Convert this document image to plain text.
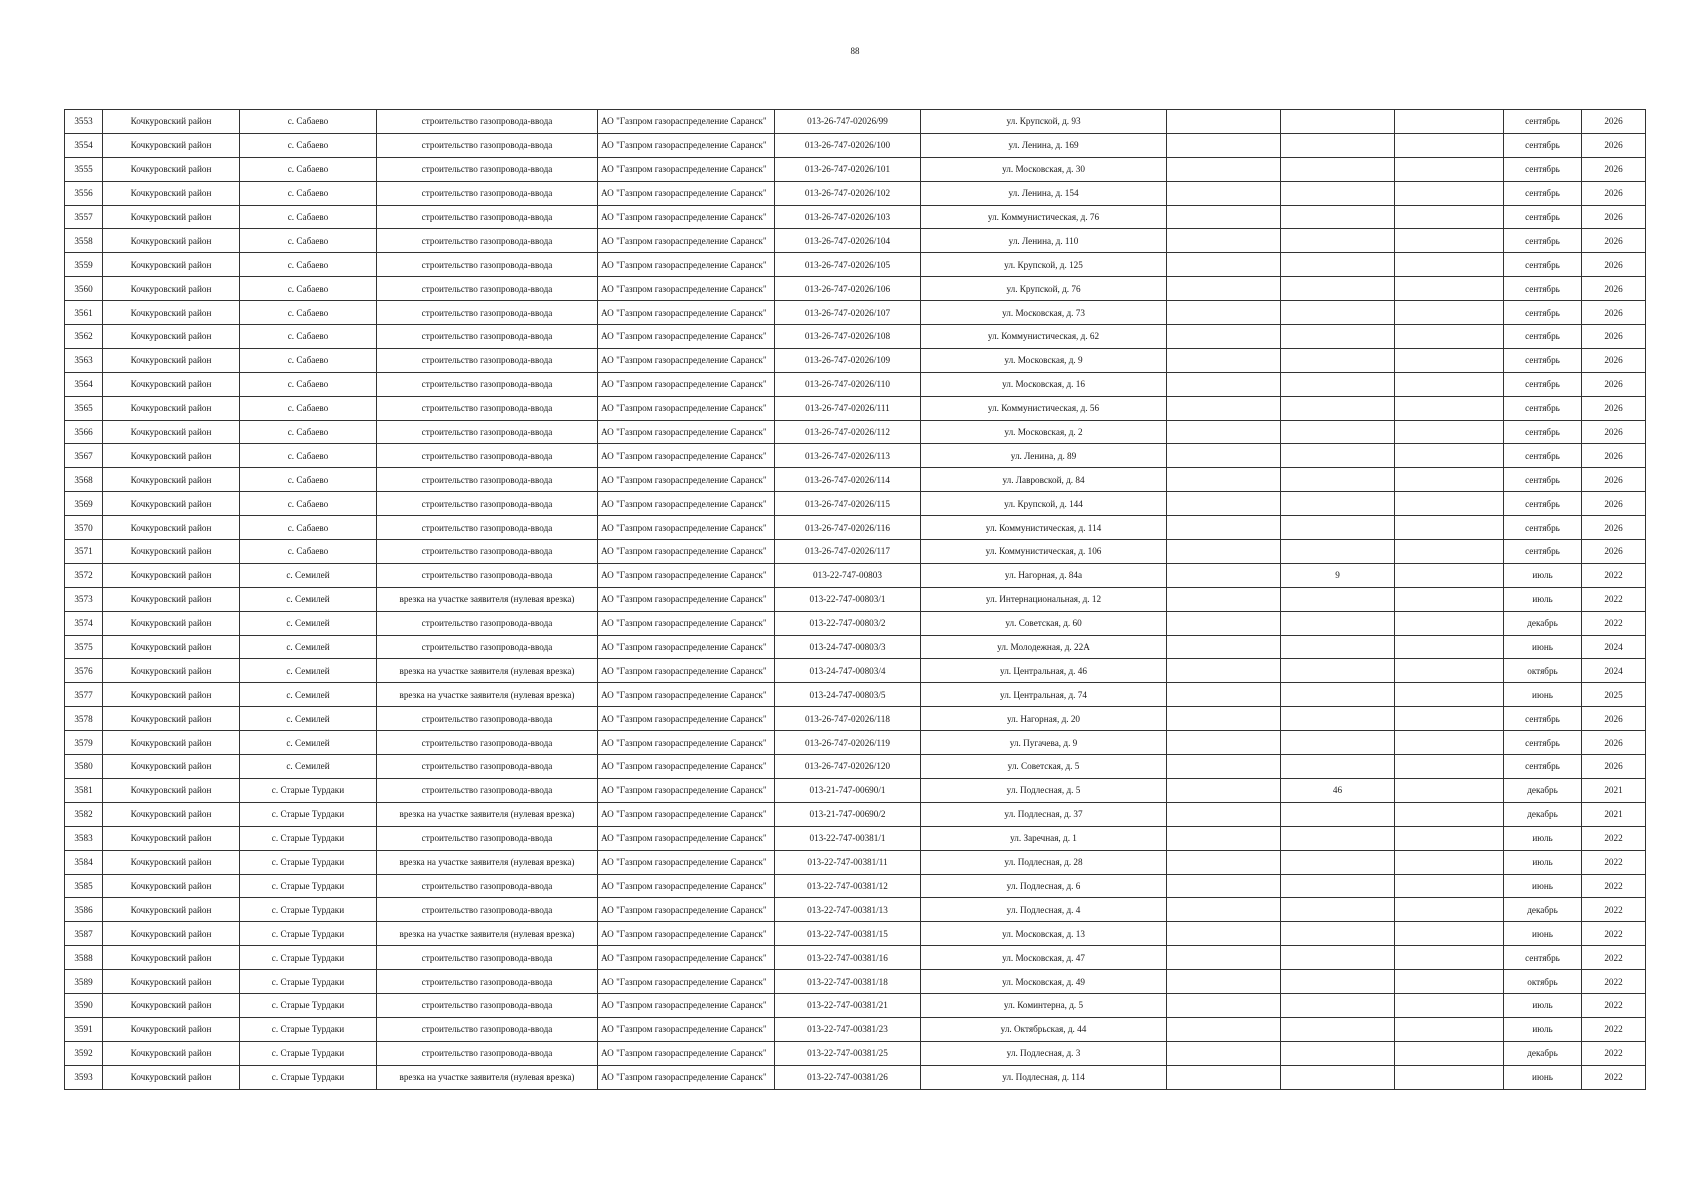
88
3553	Кочкуровский район	с. Сабаево	строительство газопровода-ввода	АО "Газпром газораспределение Саранск"	013-26-747-02026/99	ул. Крупской, д. 93				сентябрь	2026
3554	Кочкуровский район	с. Сабаево	строительство газопровода-ввода	АО "Газпром газораспределение Саранск"	013-26-747-02026/100	ул. Ленина, д. 169				сентябрь	2026
3555	Кочкуровский район	с. Сабаево	строительство газопровода-ввода	АО "Газпром газораспределение Саранск"	013-26-747-02026/101	ул. Московская, д. 30				сентябрь	2026
3556	Кочкуровский район	с. Сабаево	строительство газопровода-ввода	АО "Газпром газораспределение Саранск"	013-26-747-02026/102	ул. Ленина, д. 154				сентябрь	2026
3557	Кочкуровский район	с. Сабаево	строительство газопровода-ввода	АО "Газпром газораспределение Саранск"	013-26-747-02026/103	ул. Коммунистическая, д. 76				сентябрь	2026
3558	Кочкуровский район	с. Сабаево	строительство газопровода-ввода	АО "Газпром газораспределение Саранск"	013-26-747-02026/104	ул. Ленина, д. 110				сентябрь	2026
3559	Кочкуровский район	с. Сабаево	строительство газопровода-ввода	АО "Газпром газораспределение Саранск"	013-26-747-02026/105	ул. Крупской, д. 125				сентябрь	2026
3560	Кочкуровский район	с. Сабаево	строительство газопровода-ввода	АО "Газпром газораспределение Саранск"	013-26-747-02026/106	ул. Крупской, д. 76				сентябрь	2026
3561	Кочкуровский район	с. Сабаево	строительство газопровода-ввода	АО "Газпром газораспределение Саранск"	013-26-747-02026/107	ул. Московская, д. 73				сентябрь	2026
3562	Кочкуровский район	с. Сабаево	строительство газопровода-ввода	АО "Газпром газораспределение Саранск"	013-26-747-02026/108	ул. Коммунистическая, д. 62				сентябрь	2026
3563	Кочкуровский район	с. Сабаево	строительство газопровода-ввода	АО "Газпром газораспределение Саранск"	013-26-747-02026/109	ул. Московская, д. 9				сентябрь	2026
3564	Кочкуровский район	с. Сабаево	строительство газопровода-ввода	АО "Газпром газораспределение Саранск"	013-26-747-02026/110	ул. Московская, д. 16				сентябрь	2026
3565	Кочкуровский район	с. Сабаево	строительство газопровода-ввода	АО "Газпром газораспределение Саранск"	013-26-747-02026/111	ул. Коммунистическая, д. 56				сентябрь	2026
3566	Кочкуровский район	с. Сабаево	строительство газопровода-ввода	АО "Газпром газораспределение Саранск"	013-26-747-02026/112	ул. Московская, д. 2				сентябрь	2026
3567	Кочкуровский район	с. Сабаево	строительство газопровода-ввода	АО "Газпром газораспределение Саранск"	013-26-747-02026/113	ул. Ленина, д. 89				сентябрь	2026
3568	Кочкуровский район	с. Сабаево	строительство газопровода-ввода	АО "Газпром газораспределение Саранск"	013-26-747-02026/114	ул. Лавровской, д. 84				сентябрь	2026
3569	Кочкуровский район	с. Сабаево	строительство газопровода-ввода	АО "Газпром газораспределение Саранск"	013-26-747-02026/115	ул. Крупской, д. 144				сентябрь	2026
3570	Кочкуровский район	с. Сабаево	строительство газопровода-ввода	АО "Газпром газораспределение Саранск"	013-26-747-02026/116	ул. Коммунистическая, д. 114				сентябрь	2026
3571	Кочкуровский район	с. Сабаево	строительство газопровода-ввода	АО "Газпром газораспределение Саранск"	013-26-747-02026/117	ул. Коммунистическая, д. 106				сентябрь	2026
3572	Кочкуровский район	с. Семилей	строительство газопровода-ввода	АО "Газпром газораспределение Саранск"	013-22-747-00803	ул. Нагорная, д. 84а		9		июль	2022
3573	Кочкуровский район	с. Семилей	врезка на участке заявителя (нулевая врезка)	АО "Газпром газораспределение Саранск"	013-22-747-00803/1	ул. Интернациональная, д. 12				июль	2022
3574	Кочкуровский район	с. Семилей	строительство газопровода-ввода	АО "Газпром газораспределение Саранск"	013-22-747-00803/2	ул. Советская, д. 60				декабрь	2022
3575	Кочкуровский район	с. Семилей	строительство газопровода-ввода	АО "Газпром газораспределение Саранск"	013-24-747-00803/3	ул. Молодежная, д. 22А				июнь	2024
3576	Кочкуровский район	с. Семилей	врезка на участке заявителя (нулевая врезка)	АО "Газпром газораспределение Саранск"	013-24-747-00803/4	ул. Центральная, д. 46				октябрь	2024
3577	Кочкуровский район	с. Семилей	врезка на участке заявителя (нулевая врезка)	АО "Газпром газораспределение Саранск"	013-24-747-00803/5	ул. Центральная, д. 74				июнь	2025
3578	Кочкуровский район	с. Семилей	строительство газопровода-ввода	АО "Газпром газораспределение Саранск"	013-26-747-02026/118	ул. Нагорная, д. 20				сентябрь	2026
3579	Кочкуровский район	с. Семилей	строительство газопровода-ввода	АО "Газпром газораспределение Саранск"	013-26-747-02026/119	ул. Пугачева, д. 9				сентябрь	2026
3580	Кочкуровский район	с. Семилей	строительство газопровода-ввода	АО "Газпром газораспределение Саранск"	013-26-747-02026/120	ул. Советская, д. 5				сентябрь	2026
3581	Кочкуровский район	с. Старые Турдаки	строительство газопровода-ввода	АО "Газпром газораспределение Саранск"	013-21-747-00690/1	ул. Подлесная, д. 5		46		декабрь	2021
3582	Кочкуровский район	с. Старые Турдаки	врезка на участке заявителя (нулевая врезка)	АО "Газпром газораспределение Саранск"	013-21-747-00690/2	ул. Подлесная, д. 37				декабрь	2021
3583	Кочкуровский район	с. Старые Турдаки	строительство газопровода-ввода	АО "Газпром газораспределение Саранск"	013-22-747-00381/1	ул. Заречная, д. 1				июль	2022
3584	Кочкуровский район	с. Старые Турдаки	врезка на участке заявителя (нулевая врезка)	АО "Газпром газораспределение Саранск"	013-22-747-00381/11	ул. Подлесная, д. 28				июль	2022
3585	Кочкуровский район	с. Старые Турдаки	строительство газопровода-ввода	АО "Газпром газораспределение Саранск"	013-22-747-00381/12	ул. Подлесная, д. 6				июнь	2022
3586	Кочкуровский район	с. Старые Турдаки	строительство газопровода-ввода	АО "Газпром газораспределение Саранск"	013-22-747-00381/13	ул. Подлесная, д. 4				декабрь	2022
3587	Кочкуровский район	с. Старые Турдаки	врезка на участке заявителя (нулевая врезка)	АО "Газпром газораспределение Саранск"	013-22-747-00381/15	ул. Московская, д. 13				июнь	2022
3588	Кочкуровский район	с. Старые Турдаки	строительство газопровода-ввода	АО "Газпром газораспределение Саранск"	013-22-747-00381/16	ул. Московская, д. 47				сентябрь	2022
3589	Кочкуровский район	с. Старые Турдаки	строительство газопровода-ввода	АО "Газпром газораспределение Саранск"	013-22-747-00381/18	ул. Московская, д. 49				октябрь	2022
3590	Кочкуровский район	с. Старые Турдаки	строительство газопровода-ввода	АО "Газпром газораспределение Саранск"	013-22-747-00381/21	ул. Коминтерна, д. 5				июль	2022
3591	Кочкуровский район	с. Старые Турдаки	строительство газопровода-ввода	АО "Газпром газораспределение Саранск"	013-22-747-00381/23	ул. Октябрьская, д. 44				июль	2022
3592	Кочкуровский район	с. Старые Турдаки	строительство газопровода-ввода	АО "Газпром газораспределение Саранск"	013-22-747-00381/25	ул. Подлесная, д. 3				декабрь	2022
3593	Кочкуровский район	с. Старые Турдаки	врезка на участке заявителя (нулевая врезка)	АО "Газпром газораспределение Саранск"	013-22-747-00381/26	ул. Подлесная, д. 114				июнь	2022
